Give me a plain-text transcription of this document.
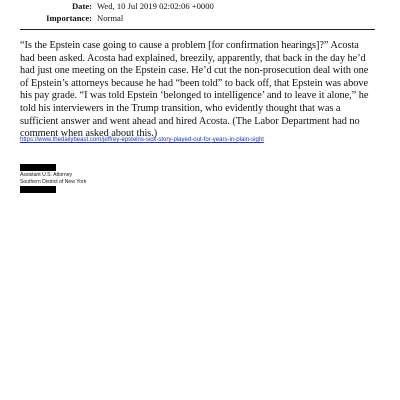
Date: Wed, 10 Jul 2019 02:02:06 +0000
Importance: Normal
“Is the Epstein case going to cause a problem [for confirmation hearings]?” Acosta had been asked. Acosta had explained, breezily, apparently, that back in the day he’d had just one meeting on the Epstein case. He’d cut the non-prosecution deal with one of Epstein’s attorneys because he had “been told” to back off, that Epstein was above his pay grade. “I was told Epstein ‘belonged to intelligence’ and to leave it alone,” he told his interviewers in the Trump transition, who evidently thought that was a sufficient answer and went ahead and hired Acosta. (The Labor Department had no comment when asked about this.)
https://www.thedailybeast.com/jeffrey-epsteins-sick-story-played-out-for-years-in-plain-sight
Assistant U.S. Attorney
Southern District of New York
